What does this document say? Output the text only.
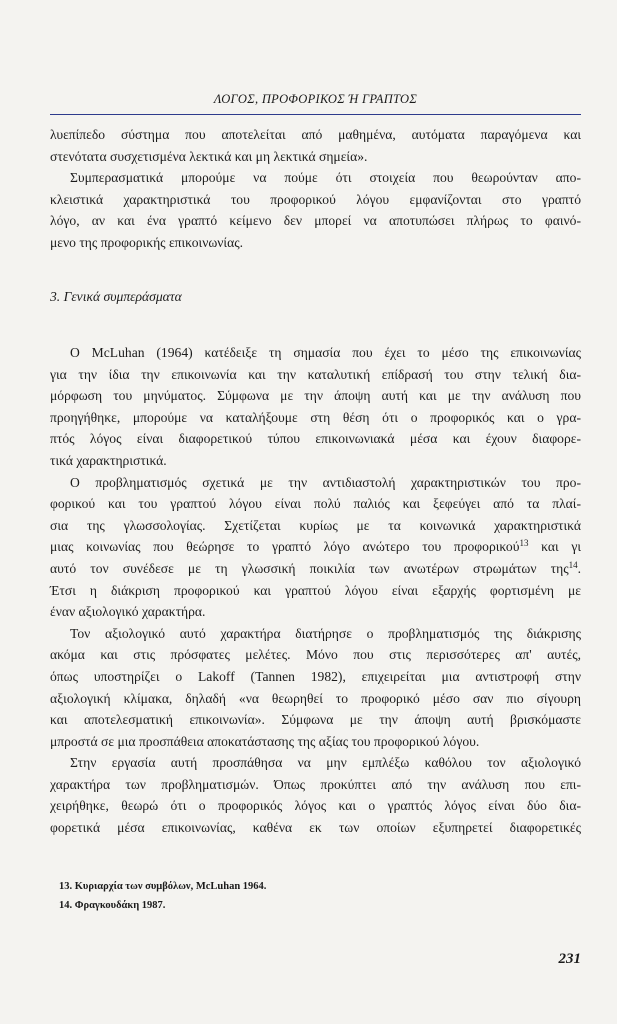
ΛΟΓΟΣ, ΠΡΟΦΟΡΙΚΟΣ Ή ΓΡΑΠΤΟΣ
λυεπίπεδο σύστημα που αποτελείται από μαθημένα, αυτόματα παραγόμενα και
στενότατα συσχετισμένα λεκτικά και μη λεκτικά σημεία».
Συμπερασματικά μπορούμε να πούμε ότι στοιχεία που θεωρούνταν απο-
κλειστικά χαρακτηριστικά του προφορικού λόγου εμφανίζονται στο γραπτό
λόγο, αν και ένα γραπτό κείμενο δεν μπορεί να αποτυπώσει πλήρως το φαινό-
μενο της προφορικής επικοινωνίας.
3. Γενικά συμπεράσματα
Ο McLuhan (1964) κατέδειξε τη σημασία που έχει το μέσο της επικοινωνίας
για την ίδια την επικοινωνία και την καταλυτική επίδρασή του στην τελική δια-
μόρφωση του μηνύματος. Σύμφωνα με την άποψη αυτή και με την ανάλυση που
προηγήθηκε, μπορούμε να καταλήξουμε στη θέση ότι ο προφορικός και ο γρα-
πτός λόγος είναι διαφορετικού τύπου επικοινωνιακά μέσα και έχουν διαφορε-
τικά χαρακτηριστικά.
Ο προβληματισμός σχετικά με την αντιδιαστολή χαρακτηριστικών του προ-
φορικού και του γραπτού λόγου είναι πολύ παλιός και ξεφεύγει από τα πλαί-
σια της γλωσσολογίας. Σχετίζεται κυρίως με τα κοινωνικά χαρακτηριστικά
μιας κοινωνίας που θεώρησε το γραπτό λόγο ανώτερο του προφορικού$^{13}$ και γι
αυτό τον συνέδεσε με τη γλωσσική ποικιλία των ανωτέρων στρωμάτων της$^{14}$.
Έτσι η διάκριση προφορικού και γραπτού λόγου είναι εξαρχής φορτισμένη με
έναν αξιολογικό χαρακτήρα.
Τον αξιολογικό αυτό χαρακτήρα διατήρησε ο προβληματισμός της διάκρισης
ακόμα και στις πρόσφατες μελέτες. Μόνο που στις περισσότερες απ' αυτές,
όπως υποστηρίζει ο Lakoff (Tannen 1982), επιχειρείται μια αντιστροφή στην
αξιολογική κλίμακα, δηλαδή «να θεωρηθεί το προφορικό μέσο σαν πιο σίγουρη
και αποτελεσματική επικοινωνία». Σύμφωνα με την άποψη αυτή βρισκόμαστε
μπροστά σε μια προσπάθεια αποκατάστασης της αξίας του προφορικού λόγου.
Στην εργασία αυτή προσπάθησα να μην εμπλέξω καθόλου τον αξιολογικό
χαρακτήρα των προβληματισμών. Όπως προκύπτει από την ανάλυση που επι-
χειρήθηκε, θεωρώ ότι ο προφορικός λόγος και ο γραπτός λόγος είναι δύο δια-
φορετικά μέσα επικοινωνίας, καθένα εκ των οποίων εξυπηρετεί διαφορετικές
13. Κυριαρχία των συμβόλων, McLuhan 1964.
14. Φραγκουδάκη 1987.
231
